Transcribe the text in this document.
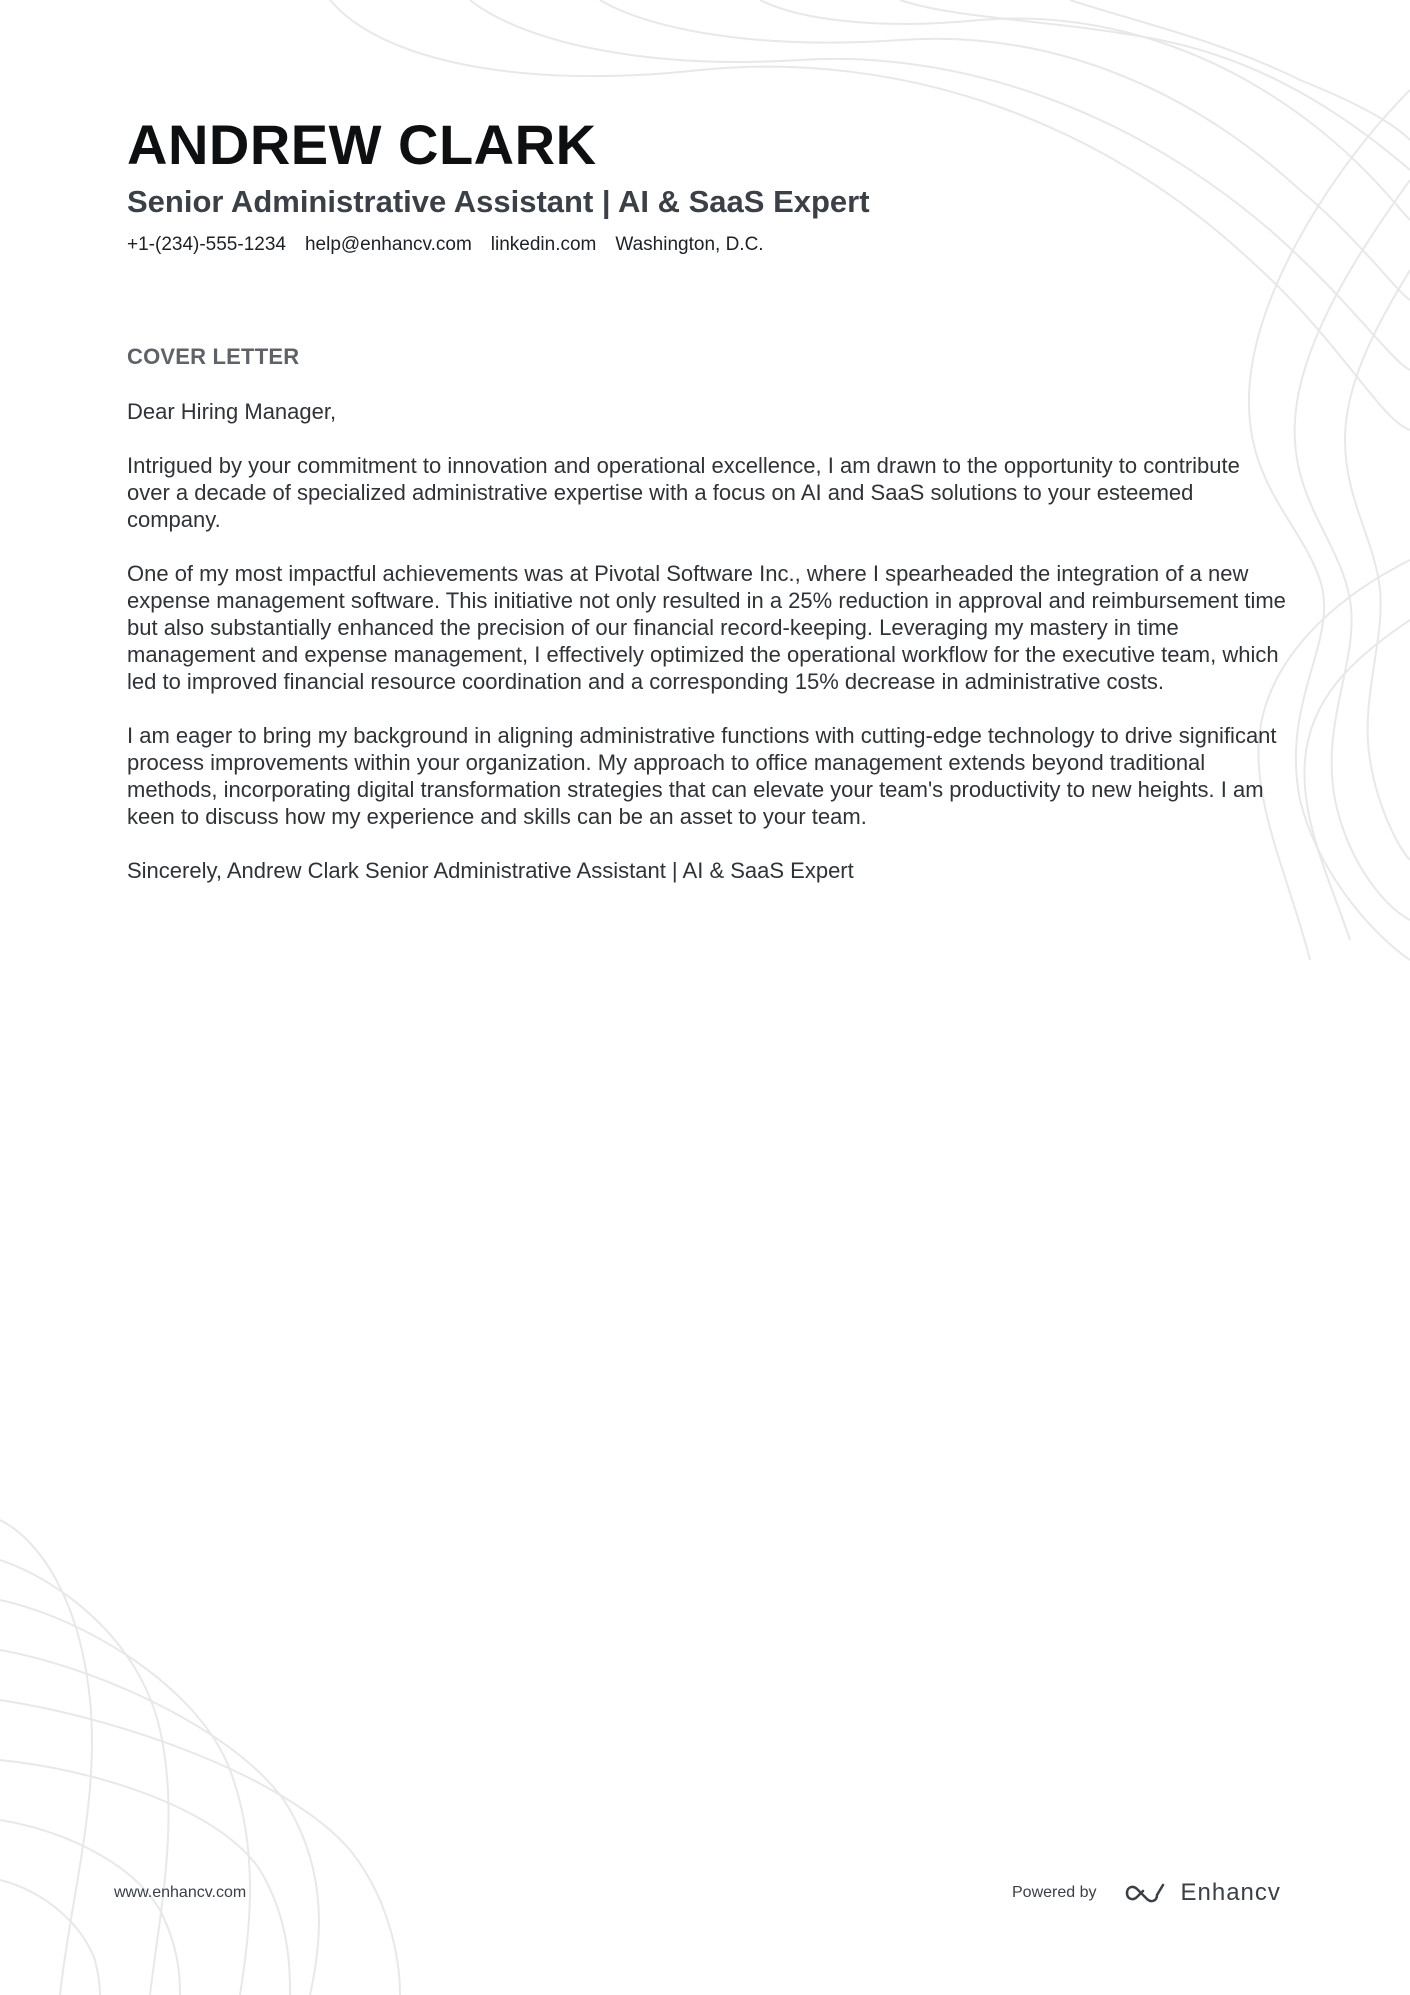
ANDREW CLARK
Senior Administrative Assistant | AI & SaaS Expert
+1-(234)-555-1234 help@enhancv.com linkedin.com Washington, D.C.
COVER LETTER

Dear Hiring Manager,

Intrigued by your commitment to innovation and operational excellence, I am drawn to the opportunity to contribute over a decade of specialized administrative expertise with a focus on AI and SaaS solutions to your esteemed company.

One of my most impactful achievements was at Pivotal Software Inc., where I spearheaded the integration of a new expense management software. This initiative not only resulted in a 25% reduction in approval and reimbursement time but also substantially enhanced the precision of our financial record-keeping. Leveraging my mastery in time management and expense management, I effectively optimized the operational workflow for the executive team, which led to improved financial resource coordination and a corresponding 15% decrease in administrative costs.

I am eager to bring my background in aligning administrative functions with cutting-edge technology to drive significant process improvements within your organization. My approach to office management extends beyond traditional methods, incorporating digital transformation strategies that can elevate your team's productivity to new heights. I am keen to discuss how my experience and skills can be an asset to your team.

Sincerely, Andrew Clark Senior Administrative Assistant | AI & SaaS Expert

www.enhancv.com	Powered by	Enhancv
